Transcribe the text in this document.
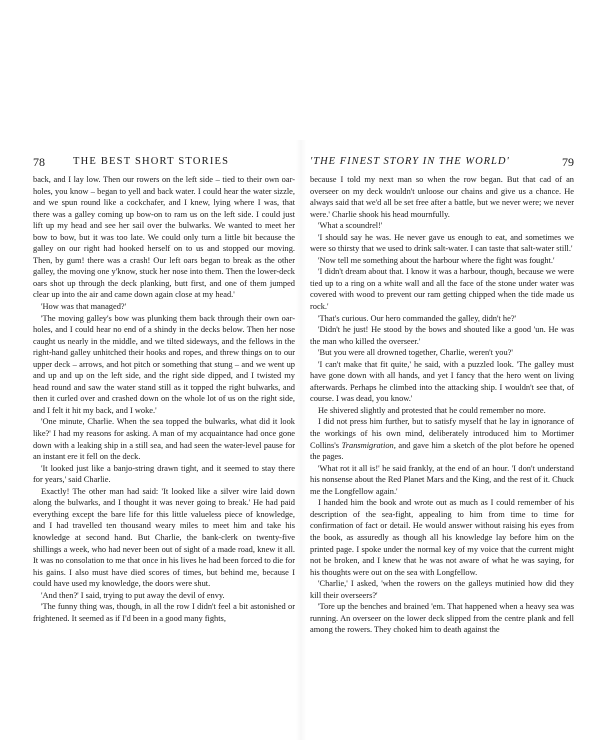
78	THE BEST SHORT STORIES

back, and I lay low. Then our rowers on the left side – tied to their own oar-holes, you know – began to yell and back water. I could hear the water sizzle, and we spun round like a cockchafer, and I knew, lying where I was, that there was a galley coming up bow-on to ram us on the left side. I could just lift up my head and see her sail over the bulwarks. We wanted to meet her bow to bow, but it was too late. We could only turn a little bit because the galley on our right had hooked herself on to us and stopped our moving. Then, by gum! there was a crash! Our left oars began to break as the other galley, the moving one y'know, stuck her nose into them. Then the lower-deck oars shot up through the deck planking, butt first, and one of them jumped clear up into the air and came down again close at my head.'

'How was that managed?'

'The moving galley's bow was plunking them back through their own oar-holes, and I could hear no end of a shindy in the decks below. Then her nose caught us nearly in the middle, and we tilted sideways, and the fellows in the right-hand galley unhitched their hooks and ropes, and threw things on to our upper deck – arrows, and hot pitch or something that stung – and we went up and up and up on the left side, and the right side dipped, and I twisted my head round and saw the water stand still as it topped the right bulwarks, and then it curled over and crashed down on the whole lot of us on the right side, and I felt it hit my back, and I woke.'

'One minute, Charlie. When the sea topped the bulwarks, what did it look like?' I had my reasons for asking. A man of my acquaintance had once gone down with a leaking ship in a still sea, and had seen the water-level pause for an instant ere it fell on the deck.

'It looked just like a banjo-string drawn tight, and it seemed to stay there for years,' said Charlie.

Exactly! The other man had said: 'It looked like a silver wire laid down along the bulwarks, and I thought it was never going to break.' He had paid everything except the bare life for this little valueless piece of knowledge, and I had travelled ten thousand weary miles to meet him and take his knowledge at second hand. But Charlie, the bank-clerk on twenty-five shillings a week, who had never been out of sight of a made road, knew it all. It was no consolation to me that once in his lives he had been forced to die for his gains. I also must have died scores of times, but behind me, because I could have used my knowledge, the doors were shut.

'And then?' I said, trying to put away the devil of envy.

'The funny thing was, though, in all the row I didn't feel a bit astonished or frightened. It seemed as if I'd been in a good many fights,

'THE FINEST STORY IN THE WORLD'	79

because I told my next man so when the row began. But that cad of an overseer on my deck wouldn't unloose our chains and give us a chance. He always said that we'd all be set free after a battle, but we never were; we never were.' Charlie shook his head mournfully.

'What a scoundrel!'

'I should say he was. He never gave us enough to eat, and sometimes we were so thirsty that we used to drink salt-water. I can taste that salt-water still.'

'Now tell me something about the harbour where the fight was fought.'

'I didn't dream about that. I know it was a harbour, though, because we were tied up to a ring on a white wall and all the face of the stone under water was covered with wood to prevent our ram getting chipped when the tide made us rock.'

'That's curious. Our hero commanded the galley, didn't he?'

'Didn't he just! He stood by the bows and shouted like a good 'un. He was the man who killed the overseer.'

'But you were all drowned together, Charlie, weren't you?'

'I can't make that fit quite,' he said, with a puzzled look. 'The galley must have gone down with all hands, and yet I fancy that the hero went on living afterwards. Perhaps he climbed into the attacking ship. I wouldn't see that, of course. I was dead, you know.'

He shivered slightly and protested that he could remember no more.

I did not press him further, but to satisfy myself that he lay in ignorance of the workings of his own mind, deliberately introduced him to Mortimer Collins's Transmigration, and gave him a sketch of the plot before he opened the pages.

'What rot it all is!' he said frankly, at the end of an hour. 'I don't understand his nonsense about the Red Planet Mars and the King, and the rest of it. Chuck me the Longfellow again.'

I handed him the book and wrote out as much as I could remember of his description of the sea-fight, appealing to him from time to time for confirmation of fact or detail. He would answer without raising his eyes from the book, as assuredly as though all his knowledge lay before him on the printed page. I spoke under the normal key of my voice that the current might not be broken, and I knew that he was not aware of what he was saying, for his thoughts were out on the sea with Longfellow.

'Charlie,' I asked, 'when the rowers on the galleys mutinied how did they kill their overseers?'

'Tore up the benches and brained 'em. That happened when a heavy sea was running. An overseer on the lower deck slipped from the centre plank and fell among the rowers. They choked him to death against the
